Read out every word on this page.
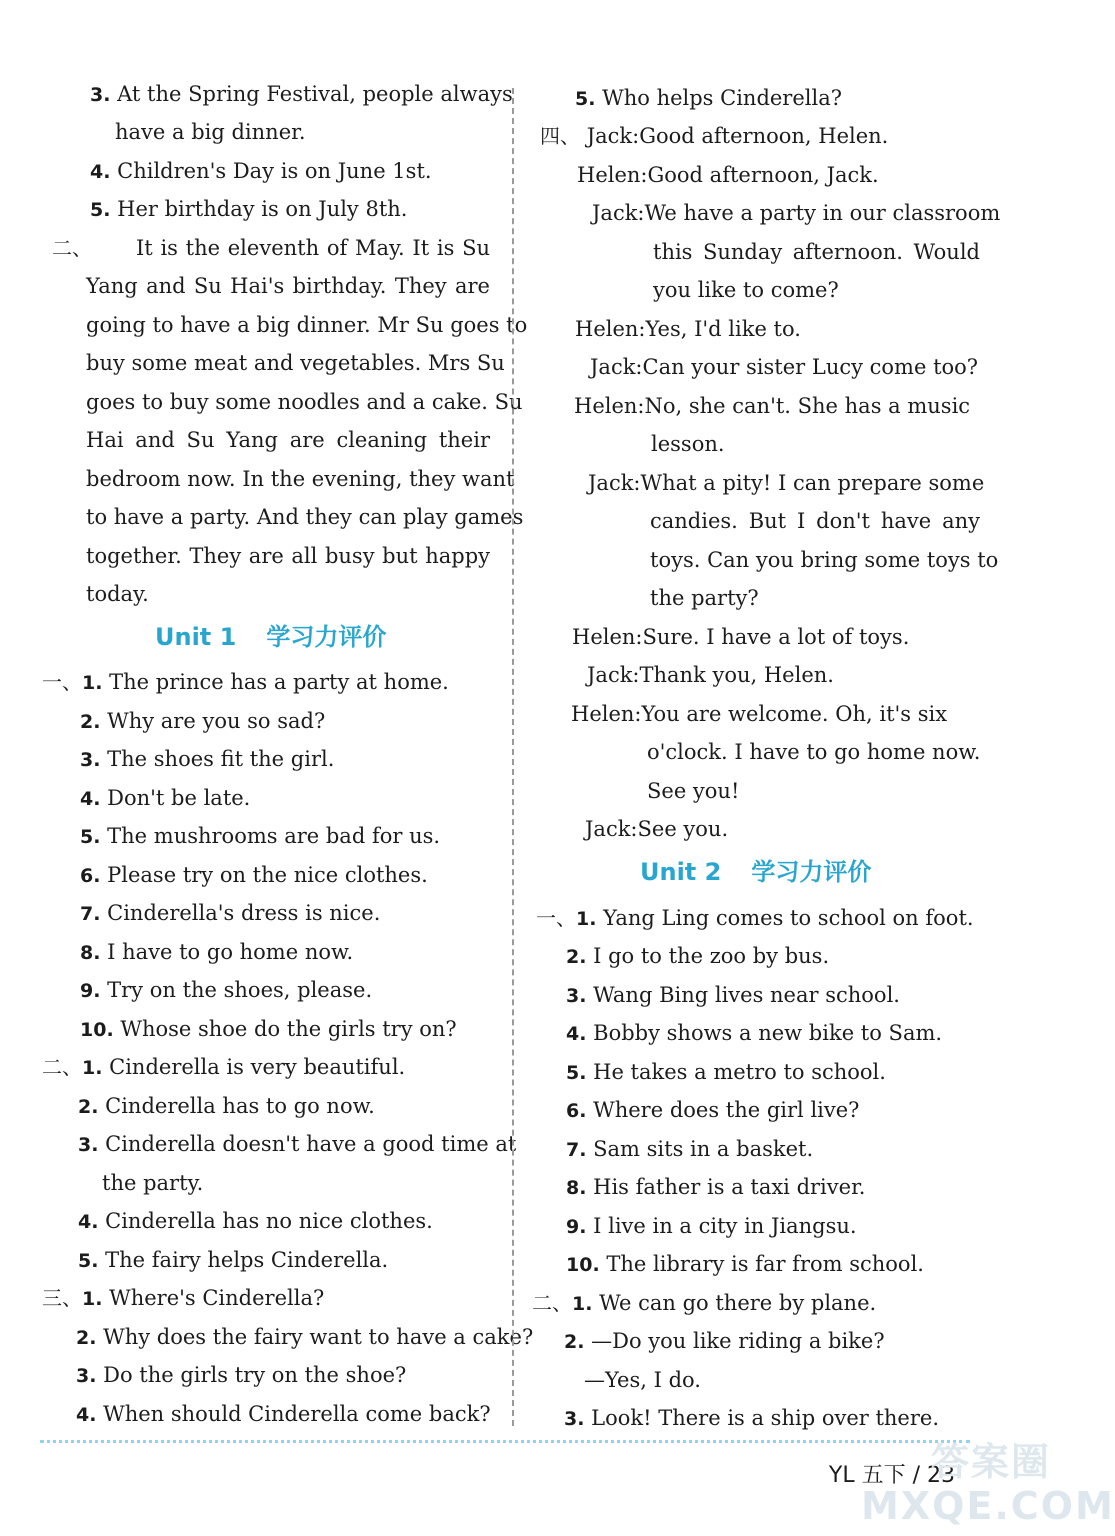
3. At the Spring Festival, people always
have a big dinner.
4. Children's Day is on June 1st.
5. Her birthday is on July 8th.
二、 It is the eleventh of May. It is Su
Yang and Su Hai's birthday. They are
going to have a big dinner. Mr Su goes to
buy some meat and vegetables. Mrs Su
goes to buy some noodles and a cake. Su
Hai and Su Yang are cleaning their
bedroom now. In the evening, they want
to have a party. And they can play games
together. They are all busy but happy
today.
Unit 1 学习力评价
一、1. The prince has a party at home.
2. Why are you so sad?
3. The shoes fit the girl.
4. Don't be late.
5. The mushrooms are bad for us.
6. Please try on the nice clothes.
7. Cinderella's dress is nice.
8. I have to go home now.
9. Try on the shoes, please.
10. Whose shoe do the girls try on?
二、1. Cinderella is very beautiful.
2. Cinderella has to go now.
3. Cinderella doesn't have a good time at
the party.
4. Cinderella has no nice clothes.
5. The fairy helps Cinderella.
三、1. Where's Cinderella?
2. Why does the fairy want to have a cake?
3. Do the girls try on the shoe?
4. When should Cinderella come back?
5. Who helps Cinderella?
四、 Jack:Good afternoon, Helen.
Helen:Good afternoon, Jack.
Jack:We have a party in our classroom
this Sunday afternoon. Would
you like to come?
Helen:Yes, I'd like to.
Jack:Can your sister Lucy come too?
Helen:No, she can't. She has a music
lesson.
Jack:What a pity! I can prepare some
candies. But I don't have any
toys. Can you bring some toys to
the party?
Helen:Sure. I have a lot of toys.
Jack:Thank you, Helen.
Helen:You are welcome. Oh, it's six
o'clock. I have to go home now.
See you!
Jack:See you.
Unit 2 学习力评价
一、1. Yang Ling comes to school on foot.
2. I go to the zoo by bus.
3. Wang Bing lives near school.
4. Bobby shows a new bike to Sam.
5. He takes a metro to school.
6. Where does the girl live?
7. Sam sits in a basket.
8. His father is a taxi driver.
9. I live in a city in Jiangsu.
10. The library is far from school.
二、1. We can go there by plane.
2. —Do you like riding a bike?
—Yes, I do.
3. Look! There is a ship over there.
YL 五下 / 23
答案圈 MXQE.COM
